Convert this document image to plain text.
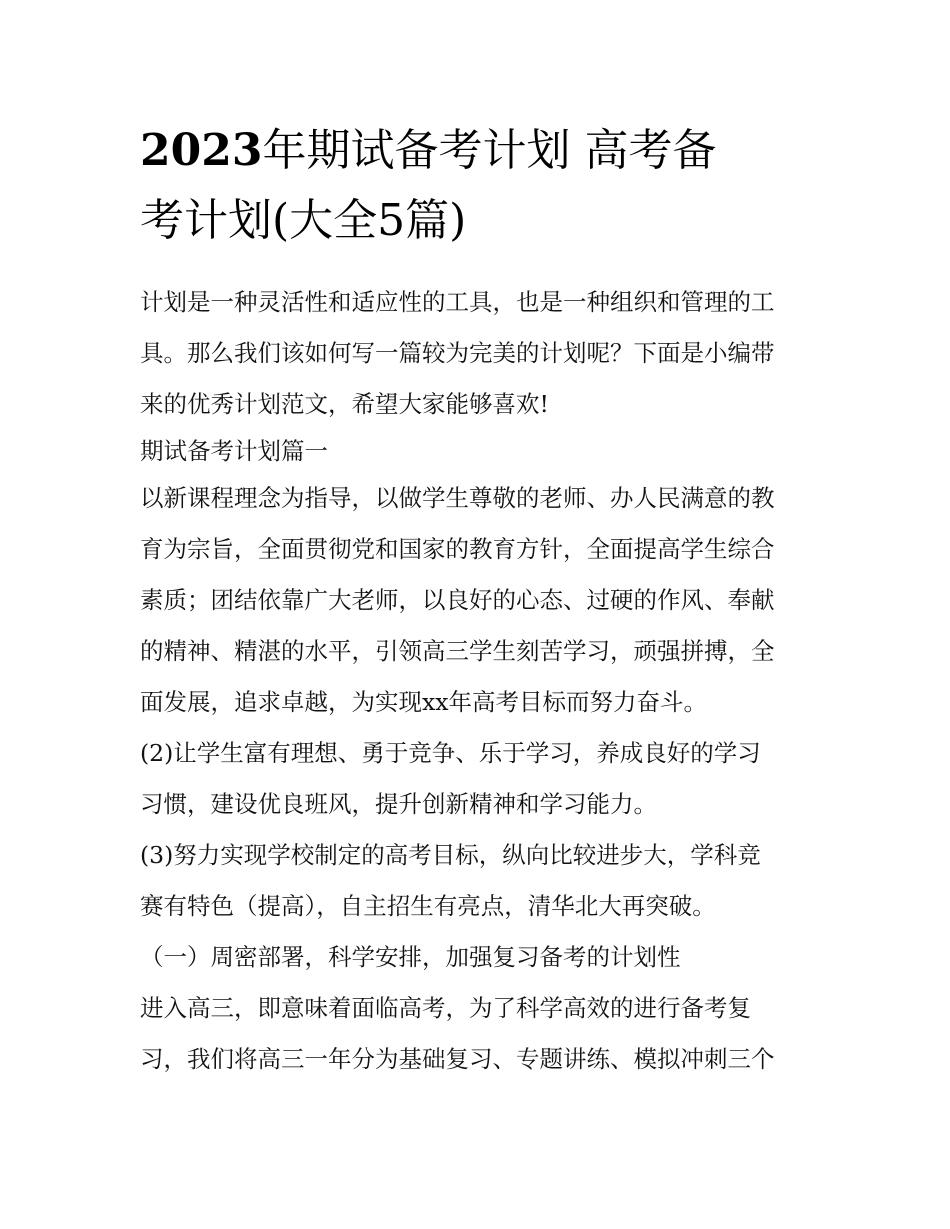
2023年期试备考计划 高考备
考计划(大全5篇)
计划是一种灵活性和适应性的工具，也是一种组织和管理的工
具。那么我们该如何写一篇较为完美的计划呢？下面是小编带
来的优秀计划范文，希望大家能够喜欢!
期试备考计划篇一
以新课程理念为指导，以做学生尊敬的老师、办人民满意的教
育为宗旨，全面贯彻党和国家的教育方针，全面提高学生综合
素质；团结依靠广大老师，以良好的心态、过硬的作风、奉献
的精神、精湛的水平，引领高三学生刻苦学习，顽强拼搏，全
面发展，追求卓越，为实现xx年高考目标而努力奋斗。
(2)让学生富有理想、勇于竞争、乐于学习，养成良好的学习
习惯，建设优良班风，提升创新精神和学习能力。
(3)努力实现学校制定的高考目标，纵向比较进步大，学科竞
赛有特色（提高），自主招生有亮点，清华北大再突破。
（一）周密部署，科学安排，加强复习备考的计划性
进入高三，即意味着面临高考，为了科学高效的进行备考复
习，我们将高三一年分为基础复习、专题讲练、模拟冲刺三个
